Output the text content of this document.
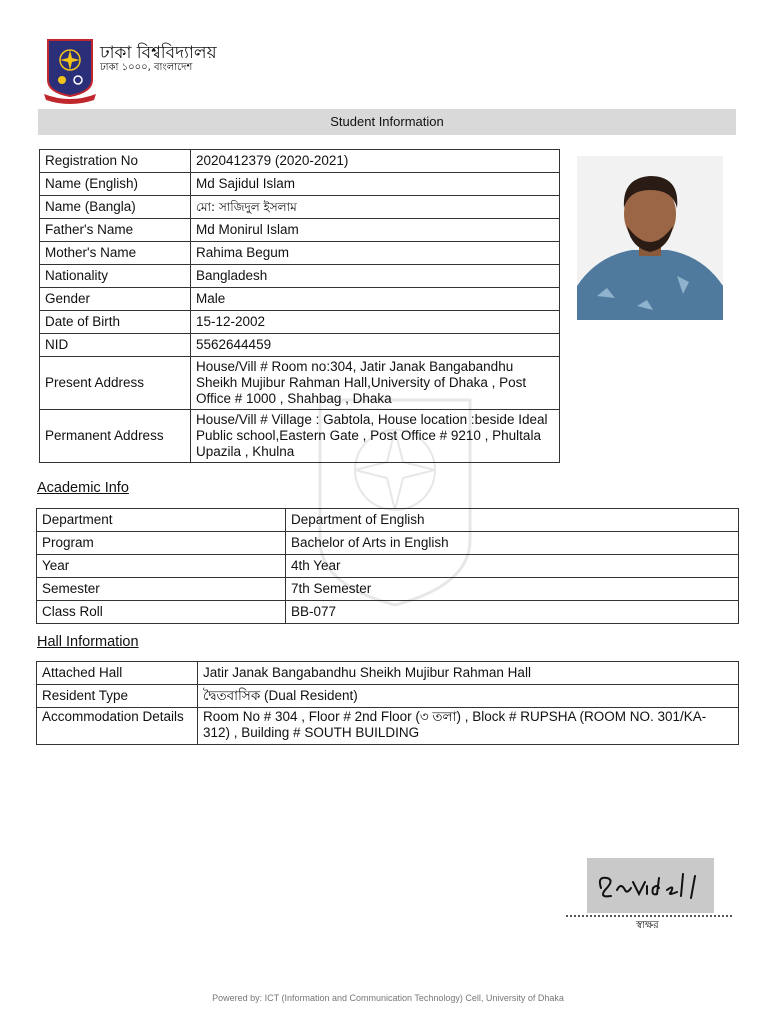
ঢাকা বিশ্ববিদ্যালয়
ঢাকা ১০০০, বাংলাদেশ
Student Information
Registration No	2020412379 (2020-2021)
Name (English)	Md Sajidul Islam
Name (Bangla)	মো: সাজিদুল ইসলাম
Father's Name	Md Monirul Islam
Mother's Name	Rahima Begum
Nationality	Bangladesh
Gender	Male
Date of Birth	15-12-2002
NID	5562644459
Present Address	House/Vill # Room no:304, Jatir Janak Bangabandhu Sheikh Mujibur Rahman Hall,University of Dhaka , Post Office # 1000 , Shahbag , Dhaka
Permanent Address	House/Vill # Village : Gabtola, House location :beside Ideal Public school,Eastern Gate , Post Office # 9210 , Phultala Upazila , Khulna
Academic Info
Department	Department of English
Program	Bachelor of Arts in English
Year	4th Year
Semester	7th Semester
Class Roll	BB-077
Hall Information
Attached Hall	Jatir Janak Bangabandhu Sheikh Mujibur Rahman Hall
Resident Type	দ্বৈতবাসিক (Dual Resident)
Accommodation Details	Room No # 304 , Floor # 2nd Floor (৩ তলা) , Block # RUPSHA (ROOM NO. 301/KA-312) , Building # SOUTH BUILDING
স্বাক্ষর
Powered by: ICT (Information and Communication Technology) Cell, University of Dhaka
